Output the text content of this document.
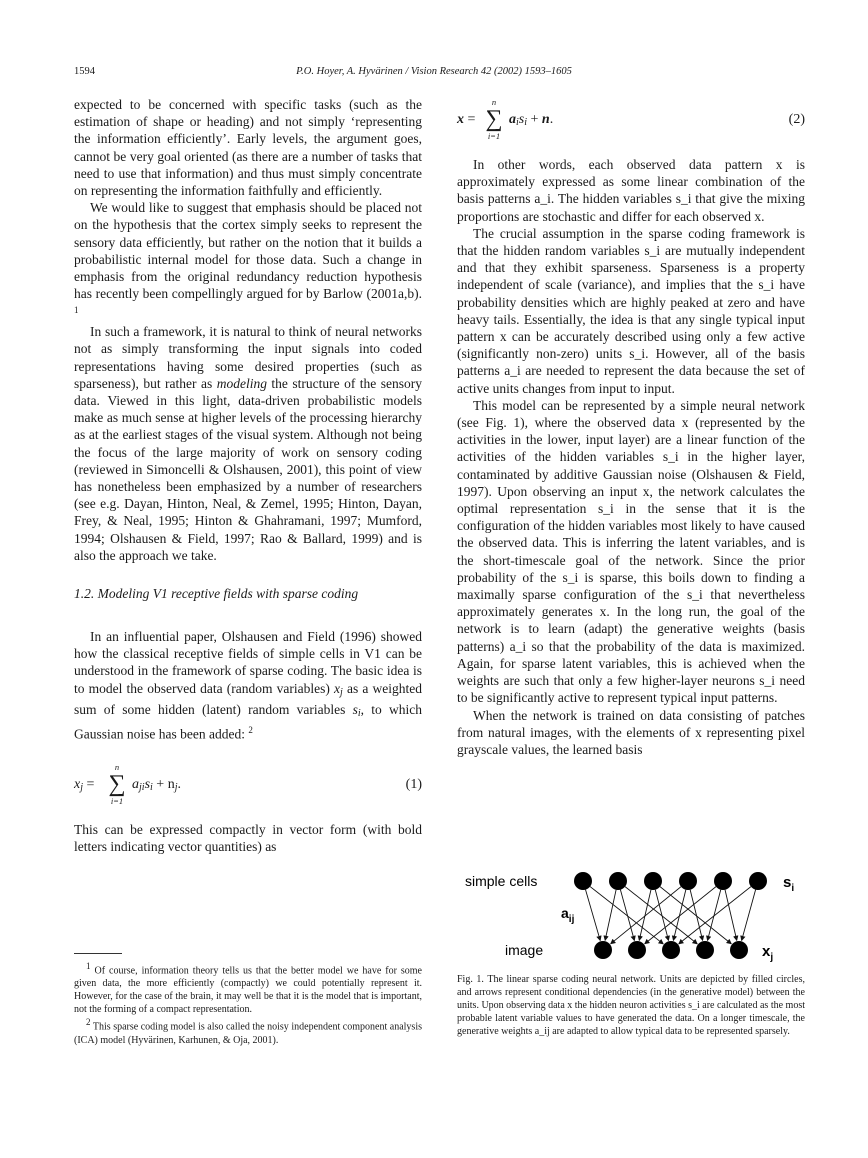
1594	P.O. Hoyer, A. Hyvärinen / Vision Research 42 (2002) 1593–1605

expected to be concerned with specific tasks (such as the estimation of shape or heading) and not simply ‘representing the information efficiently’. Early levels, the argument goes, cannot be very goal oriented (as there are a number of tasks that need to use that information) and thus must simply concentrate on representing the information faithfully and efficiently.

We would like to suggest that emphasis should be placed not on the hypothesis that the cortex simply seeks to represent the sensory data efficiently, but rather on the notion that it builds a probabilistic internal model for those data. Such a change in emphasis from the original redundancy reduction hypothesis has recently been compellingly argued for by Barlow (2001a,b). $^1$

In such a framework, it is natural to think of neural networks not as simply transforming the input signals into coded representations having some desired properties (such as sparseness), but rather as modeling the structure of the sensory data. Viewed in this light, data-driven probabilistic models make as much sense at higher levels of the processing hierarchy as at the earliest stages of the visual system. Although not being the focus of the large majority of work on sensory coding (reviewed in Simoncelli & Olshausen, 2001), this point of view has nonetheless been emphasized by a number of researchers (see e.g. Dayan, Hinton, Neal, & Zemel, 1995; Hinton, Dayan, Frey, & Neal, 1995; Hinton & Ghahramani, 1997; Mumford, 1994; Olshausen & Field, 1997; Rao & Ballard, 1999) and is also the approach we take.

1.2. Modeling V1 receptive fields with sparse coding

In an influential paper, Olshausen and Field (1996) showed how the classical receptive fields of simple cells in V1 can be understood in the framework of sparse coding. The basic idea is to model the observed data (random variables) $x_j$ as a weighted sum of some hidden (latent) random variables $s_i$, to which Gaussian noise has been added: $^2$

$x_j$ =
n
∑
i=1
$a_{ji}s_i + n_j$.	(1)

This can be expressed compactly in vector form (with bold letters indicating vector quantities) as

$^1$ Of course, information theory tells us that the better model we have for some given data, the more efficiently (compactly) we could potentially represent it. However, for the case of the brain, it may well be that it is the model that is important, not the forming of a compact representation.

$^2$ This sparse coding model is also called the noisy independent component analysis (ICA) model (Hyvärinen, Karhunen, & Oja, 2001).

x =
n
∑
i=1
$a_is_i + n$.	(2)

In other words, each observed data pattern x is approximately expressed as some linear combination of the basis patterns a_i. The hidden variables s_i that give the mixing proportions are stochastic and differ for each observed x.

The crucial assumption in the sparse coding framework is that the hidden random variables s_i are mutually independent and that they exhibit sparseness. Sparseness is a property independent of scale (variance), and implies that the s_i have probability densities which are highly peaked at zero and have heavy tails. Essentially, the idea is that any single typical input pattern x can be accurately described using only a few active (significantly non-zero) units s_i. However, all of the basis patterns a_i are needed to represent the data because the set of active units changes from input to input.

This model can be represented by a simple neural network (see Fig. 1), where the observed data x (represented by the activities in the lower, input layer) are a linear function of the activities of the hidden variables s_i in the higher layer, contaminated by additive Gaussian noise (Olshausen & Field, 1997). Upon observing an input x, the network calculates the optimal representation s_i in the sense that it is the configuration of the hidden variables most likely to have caused the observed data. This is inferring the latent variables, and is the short-timescale goal of the network. Since the prior probability of the s_i is sparse, this boils down to finding a maximally sparse configuration of the s_i that nevertheless approximately generates x. In the long run, the goal of the network is to learn (adapt) the generative weights (basis patterns) a_i so that the probability of the data is maximized. Again, for sparse latent variables, this is achieved when the weights are such that only a few higher-layer neurons s_i need to be significantly active to represent typical input patterns.

When the network is trained on data consisting of patches from natural images, with the elements of x representing pixel grayscale values, the learned basis

simple cells
image
$a_{ij}$
$s_i$
$x_j$
Fig. 1. The linear sparse coding neural network. Units are depicted by filled circles, and arrows represent conditional dependencies (in the generative model) between the units. Upon observing data x the hidden neuron activities s_i are calculated as the most probable latent variable values to have generated the data. On a longer timescale, the generative weights a_ij are adapted to allow typical data to be represented sparsely.
